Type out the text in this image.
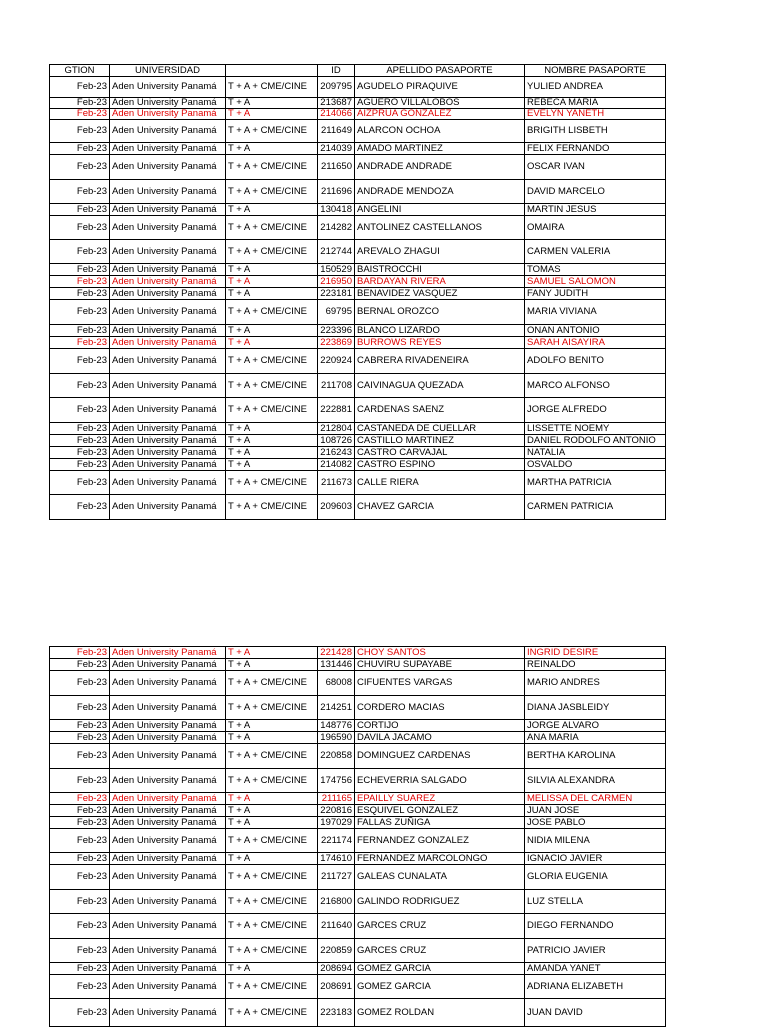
GTION	UNIVERSIDAD		ID	APELLIDO PASAPORTE	NOMBRE PASAPORTE
Feb-23	Aden University Panamá	T + A + CME/CINE	209795	AGUDELO PIRAQUIVE	YULIED ANDREA
Feb-23	Aden University Panamá	T + A	213687	AGUERO VILLALOBOS	REBECA MARIA
Feb-23	Aden University Panamá	T + A	214066	AIZPRUA GONZALEZ	EVELYN YANETH
Feb-23	Aden University Panamá	T + A + CME/CINE	211649	ALARCON OCHOA	BRIGITH LISBETH
Feb-23	Aden University Panamá	T + A	214039	AMADO MARTINEZ	FELIX FERNANDO
Feb-23	Aden University Panamá	T + A + CME/CINE	211650	ANDRADE ANDRADE	OSCAR IVAN
Feb-23	Aden University Panamá	T + A + CME/CINE	211696	ANDRADE MENDOZA	DAVID MARCELO
Feb-23	Aden University Panamá	T + A	130418	ANGELINI	MARTIN JESUS
Feb-23	Aden University Panamá	T + A + CME/CINE	214282	ANTOLINEZ CASTELLANOS	OMAIRA
Feb-23	Aden University Panamá	T + A + CME/CINE	212744	AREVALO ZHAGUI	CARMEN VALERIA
Feb-23	Aden University Panamá	T + A	150529	BAISTROCCHI	TOMAS
Feb-23	Aden University Panamá	T + A	216950	BARDAYAN RIVERA	SAMUEL SALOMON
Feb-23	Aden University Panamá	T + A	223181	BENAVIDEZ VASQUEZ	FANY JUDITH
Feb-23	Aden University Panamá	T + A + CME/CINE	69795	BERNAL OROZCO	MARIA VIVIANA
Feb-23	Aden University Panamá	T + A	223396	BLANCO LIZARDO	ONAN ANTONIO
Feb-23	Aden University Panamá	T + A	223869	BURROWS REYES	SARAH AISAYIRA
Feb-23	Aden University Panamá	T + A + CME/CINE	220924	CABRERA RIVADENEIRA	ADOLFO BENITO
Feb-23	Aden University Panamá	T + A + CME/CINE	211708	CAIVINAGUA QUEZADA	MARCO ALFONSO
Feb-23	Aden University Panamá	T + A + CME/CINE	222881	CARDENAS SAENZ	JORGE ALFREDO
Feb-23	Aden University Panamá	T + A	212804	CASTANEDA DE CUELLAR	LISSETTE NOEMY
Feb-23	Aden University Panamá	T + A	108726	CASTILLO MARTINEZ	DANIEL RODOLFO ANTONIO
Feb-23	Aden University Panamá	T + A	216243	CASTRO CARVAJAL	NATALIA
Feb-23	Aden University Panamá	T + A	214082	CASTRO ESPINO	OSVALDO
Feb-23	Aden University Panamá	T + A + CME/CINE	211673	CALLE RIERA	MARTHA PATRICIA
Feb-23	Aden University Panamá	T + A + CME/CINE	209603	CHAVEZ GARCIA	CARMEN PATRICIA
Feb-23	Aden University Panamá	T + A	221428	CHOY SANTOS	INGRID DESIRE
Feb-23	Aden University Panamá	T + A	131446	CHUVIRU SUPAYABE	REINALDO
Feb-23	Aden University Panamá	T + A + CME/CINE	68008	CIFUENTES VARGAS	MARIO ANDRES
Feb-23	Aden University Panamá	T + A + CME/CINE	214251	CORDERO MACIAS	DIANA JASBLEIDY
Feb-23	Aden University Panamá	T + A	148776	CORTIJO	JORGE ALVARO
Feb-23	Aden University Panamá	T + A	196590	DAVILA JACAMO	ANA MARIA
Feb-23	Aden University Panamá	T + A + CME/CINE	220858	DOMINGUEZ CARDENAS	BERTHA KAROLINA
Feb-23	Aden University Panamá	T + A + CME/CINE	174756	ECHEVERRIA SALGADO	SILVIA ALEXANDRA
Feb-23	Aden University Panamá	T + A	211165	EPAILLY SUAREZ	MELISSA DEL CARMEN
Feb-23	Aden University Panamá	T + A	220816	ESQUIVEL GONZALEZ	JUAN JOSE
Feb-23	Aden University Panamá	T + A	197029	FALLAS ZUÑIGA	JOSE PABLO
Feb-23	Aden University Panamá	T + A + CME/CINE	221174	FERNANDEZ GONZALEZ	NIDIA MILENA
Feb-23	Aden University Panamá	T + A	174610	FERNANDEZ MARCOLONGO	IGNACIO JAVIER
Feb-23	Aden University Panamá	T + A + CME/CINE	211727	GALEAS CUNALATA	GLORIA EUGENIA
Feb-23	Aden University Panamá	T + A + CME/CINE	216800	GALINDO RODRIGUEZ	LUZ STELLA
Feb-23	Aden University Panamá	T + A + CME/CINE	211640	GARCES CRUZ	DIEGO FERNANDO
Feb-23	Aden University Panamá	T + A + CME/CINE	220859	GARCES CRUZ	PATRICIO JAVIER
Feb-23	Aden University Panamá	T + A	208694	GOMEZ GARCIA	AMANDA YANET
Feb-23	Aden University Panamá	T + A + CME/CINE	208691	GOMEZ GARCIA	ADRIANA ELIZABETH
Feb-23	Aden University Panamá	T + A + CME/CINE	223183	GOMEZ ROLDAN	JUAN DAVID
